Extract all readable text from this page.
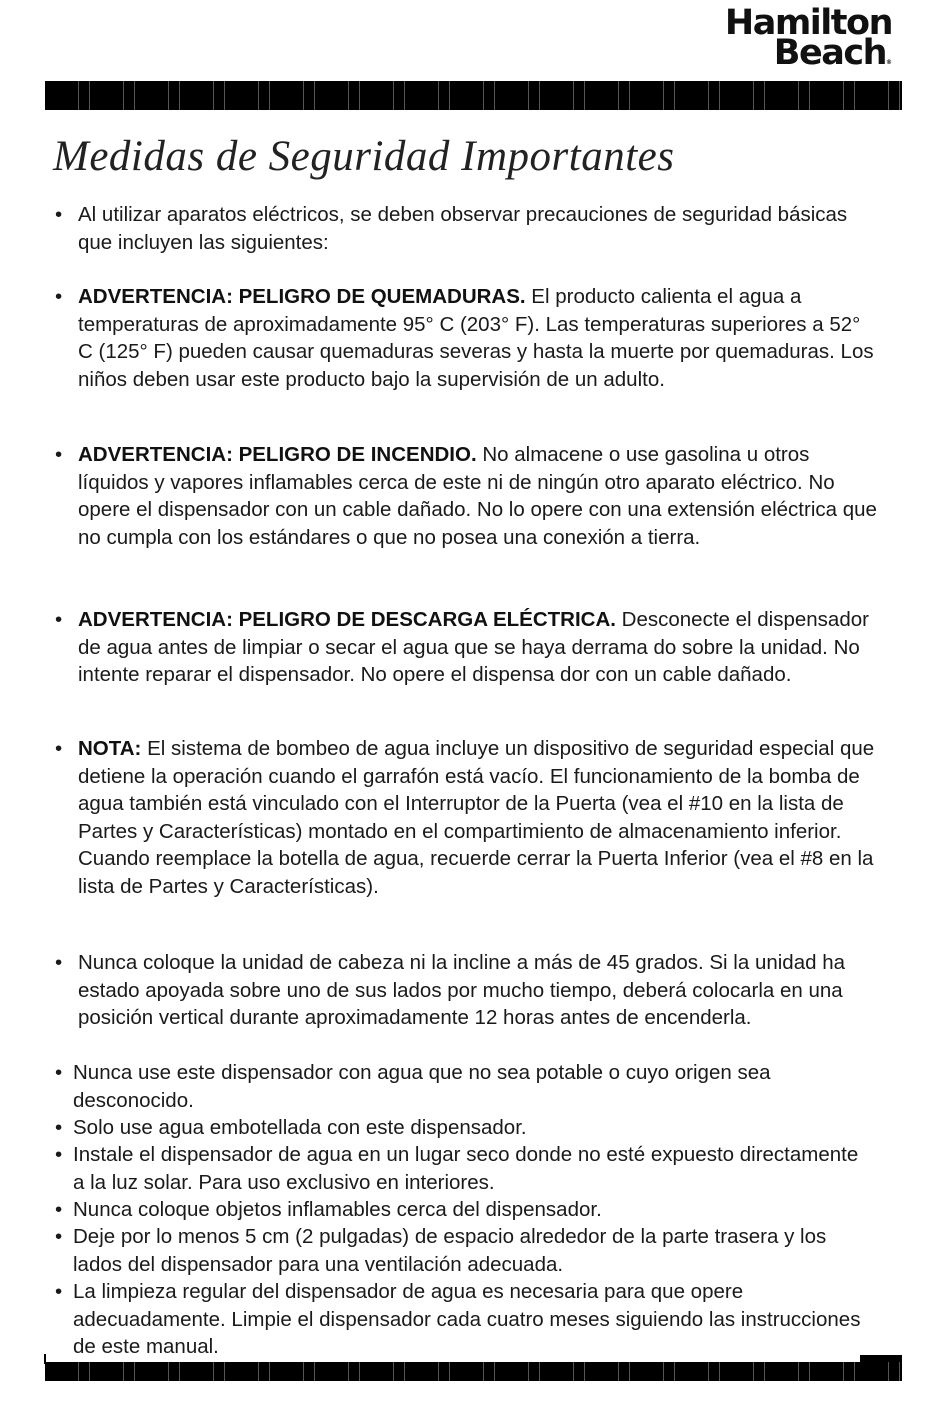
Hamilton
Beach®
Medidas de Seguridad Importantes
• Al utilizar aparatos eléctricos, se deben observar precauciones de seguridad básicas que incluyen las siguientes:
• ADVERTENCIA: PELIGRO DE QUEMADURAS. El producto calienta el agua a temperaturas de aproximadamente 95° C (203° F). Las temperaturas superiores a 52° C (125° F) pueden causar quemaduras severas y hasta la muerte por quemaduras. Los niños deben usar este producto bajo la supervisión de un adulto.
• ADVERTENCIA: PELIGRO DE INCENDIO. No almacene o use gasolina u otros líquidos y vapores inflamables cerca de este ni de ningún otro aparato eléctrico. No opere el dispensador con un cable dañado. No lo opere con una extensión eléctrica que no cumpla con los estándares o que no posea una conexión a tierra.
• ADVERTENCIA: PELIGRO DE DESCARGA ELÉCTRICA. Desconecte el dispensador de agua antes de limpiar o secar el agua que se haya derrama do sobre la unidad. No intente reparar el dispensador. No opere el dispensa dor con un cable dañado.
• NOTA: El sistema de bombeo de agua incluye un dispositivo de seguridad especial que detiene la operación cuando el garrafón está vacío. El funcionamiento de la bomba de agua también está vinculado con el Interruptor de la Puerta (vea el #10 en la lista de Partes y Características) montado en el compartimiento de almacenamiento inferior. Cuando reemplace la botella de agua, recuerde cerrar la Puerta Inferior (vea el #8 en la lista de Partes y Características).
• Nunca coloque la unidad de cabeza ni la incline a más de 45 grados. Si la unidad ha estado apoyada sobre uno de sus lados por mucho tiempo, deberá colocarla en una posición vertical durante aproximadamente 12 horas antes de encenderla.
• Nunca use este dispensador con agua que no sea potable o cuyo origen sea desconocido.
• Solo use agua embotellada con este dispensador.
• Instale el dispensador de agua en un lugar seco donde no esté expuesto directamente a la luz solar. Para uso exclusivo en interiores.
• Nunca coloque objetos inflamables cerca del dispensador.
• Deje por lo menos 5 cm (2 pulgadas) de espacio alrededor de la parte trasera y los lados del dispensador para una ventilación adecuada.
• La limpieza regular del dispensador de agua es necesaria para que opere adecuadamente. Limpie el dispensador cada cuatro meses siguiendo las instrucciones de este manual.
